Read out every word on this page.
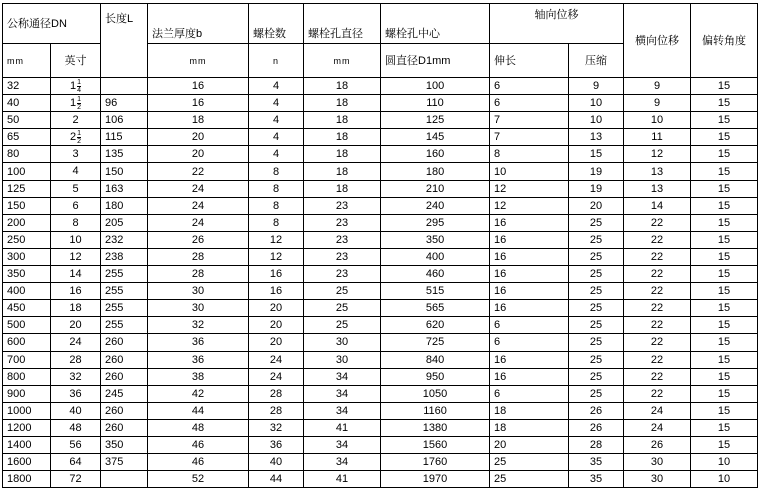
公称通径DN		长度L	法兰厚度b	螺栓数	螺栓孔直径	螺栓孔中心	轴向位移		横向位移	偏转角度
mm	英寸		mm	n	mm	圆直径D1mm	伸长	压缩		
32	$1 \frac{1}{4}$		16	4	18	100	6	9	9	15
40	$1 \frac{1}{2}$	96	16	4	18	110	6	10	9	15
50	2	106	18	4	18	125	7	10	10	15
65	$2 \frac{1}{2}$	115	20	4	18	145	7	13	11	15
80	3	135	20	4	18	160	8	15	12	15
100	4	150	22	8	18	180	10	19	13	15
125	5	163	24	8	18	210	12	19	13	15
150	6	180	24	8	23	240	12	20	14	15
200	8	205	24	8	23	295	16	25	22	15
250	10	232	26	12	23	350	16	25	22	15
300	12	238	28	12	23	400	16	25	22	15
350	14	255	28	16	23	460	16	25	22	15
400	16	255	30	16	25	515	16	25	22	15
450	18	255	30	20	25	565	16	25	22	15
500	20	255	32	20	25	620	6	25	22	15
600	24	260	36	20	30	725	6	25	22	15
700	28	260	36	24	30	840	16	25	22	15
800	32	260	38	24	34	950	16	25	22	15
900	36	245	42	28	34	1050	6	25	22	15
1000	40	260	44	28	34	1160	18	26	24	15
1200	48	260	48	32	41	1380	18	26	24	15
1400	56	350	46	36	34	1560	20	28	26	15
1600	64	375	46	40	34	1760	25	35	30	10
1800	72		52	44	41	1970	25	35	30	10
